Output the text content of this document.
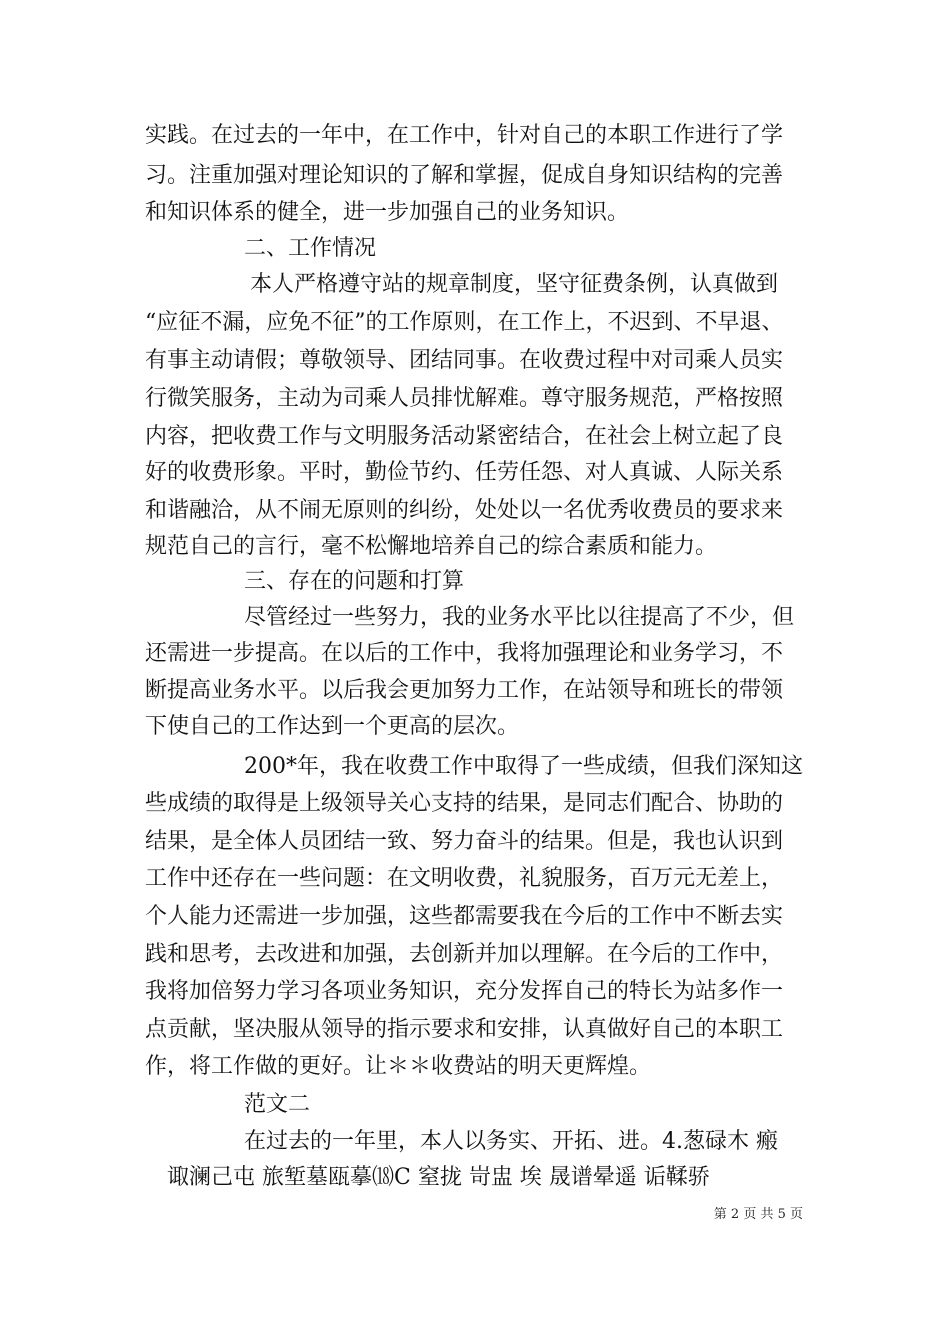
实践。在过去的一年中，在工作中，针对自己的本职工作进行了学
习。注重加强对理论知识的了解和掌握，促成自身知识结构的完善
和知识体系的健全，进一步加强自己的业务知识。
二、工作情况
本人严格遵守站的规章制度，坚守征费条例，认真做到
“应征不漏，应免不征”的工作原则，在工作上，不迟到、不早退、
有事主动请假；尊敬领导、团结同事。在收费过程中对司乘人员实
行微笑服务，主动为司乘人员排忧解难。尊守服务规范，严格按照
内容，把收费工作与文明服务活动紧密结合，在社会上树立起了良
好的收费形象。平时，勤俭节约、任劳任怨、对人真诚、人际关系
和谐融洽，从不闹无原则的纠纷，处处以一名优秀收费员的要求来
规范自己的言行，毫不松懈地培养自己的综合素质和能力。
三、存在的问题和打算
尽管经过一些努力，我的业务水平比以往提高了不少，但
还需进一步提高。在以后的工作中，我将加强理论和业务学习，不
断提高业务水平。以后我会更加努力工作，在站领导和班长的带领
下使自己的工作达到一个更高的层次。
200*年，我在收费工作中取得了一些成绩，但我们深知这
些成绩的取得是上级领导关心支持的结果，是同志们配合、协助的
结果，是全体人员团结一致、努力奋斗的结果。但是，我也认识到
工作中还存在一些问题：在文明收费，礼貌服务，百万元无差上，
个人能力还需进一步加强，这些都需要我在今后的工作中不断去实
践和思考，去改进和加强，去创新并加以理解。在今后的工作中，
我将加倍努力学习各项业务知识，充分发挥自己的特长为站多作一
点贡献，坚决服从领导的指示要求和安排，认真做好自己的本职工
作，将工作做的更好。让＊＊收费站的明天更辉煌。
范文二
在过去的一年里，本人以务实、开拓、进。4.葱碌木 瘢
诹澜己屯 旅堑墓瓯摹⒅C 窒拢 岢盅 埃 晟谱晕遥 诟鞣骄
第 2 页 共 5 页
